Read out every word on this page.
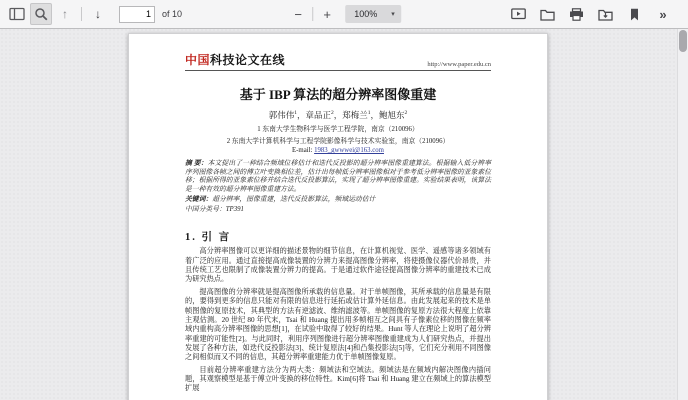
↑ ↓
1	of 10	− +	100% ▾	»
中国科技论文在线	http://www.paper.edu.cn
基于 IBP 算法的超分辨率图像重建
郭伟伟$^1$，章品正$^2$，郑梅兰$^1$，鲍旭东$^2$
1 东南大学生物科学与医学工程学院，南京（210096）
2 东南大学计算机科学与工程学院影像科学与技术实验室，南京（210096）
E-mail: 1983_gwwwei@163.com
摘 要：本文提出了一种结合频域位移估计和迭代反投影的超分辨率图像重建算法。根据输入低分辨率序列图像各帧之间的傅立叶变换相位差，估计出每帧低分辨率图像相对于参考低分辨率图像的亚象素位移；根据所得的亚象素位移并结合迭代反投影算法，实现了超分辨率图像重建。实验结果表明，该算法是一种有效的超分辨率图像重建方法。
关键词：超分辨率，图像重建，迭代反投影算法，频域运动估计
中国分类号：TP391
1. 引 言
高分辨率图像可以更详细的描述景物的细节信息，在计算机视觉、医学、遥感等诸多领域有着广泛的应用。通过直接提高成像装置的分辨力来提高图像分辨率，将使摄像仪器代价昂贵，并且传统工艺也限制了成像装置分辨力的提高。于是通过软件途径提高图像分辨率的重建技术已成为研究热点。
提高图像的分辨率就是提高图像所承载的信息量。对于单帧图像，其所承载的信息量是有限的，要得到更多的信息只能对有限的信息进行延拓或估计算外延信息。由此发展起来的技术是单帧图像的复原技术，其典型的方法有逆滤波、维纳滤波等。单帧图像的复原方法很大程度上依靠主观估测。20 世纪 80 年代末，Tsai 和 Huang 提出用多帧相互之间具有子像素位移的图像在频率域内重构高分辨率图像的思想[1]，在试验中取得了较好的结果。Hunt 等人在理论上说明了超分辨率重建的可能性[2]。与此同时，利用序列图像进行超分辨率图像重建成为人们研究热点，并提出发展了各种方法，如迭代反投影法[3]、统计复原法[4]和凸集投影法[5]等，它们充分利用不同图像之间相似而又不同的信息，其超分辨率重建能力优于单帧图像复原。
目前超分辨率重建方法分为两大类：频域法和空域法。频域法是在频域内解决图像内插问题，其观察模型是基于傅立叶变换的移位特性。Kim[6]将 Tsai 和 Huang 建立在频域上的算法模型扩展
